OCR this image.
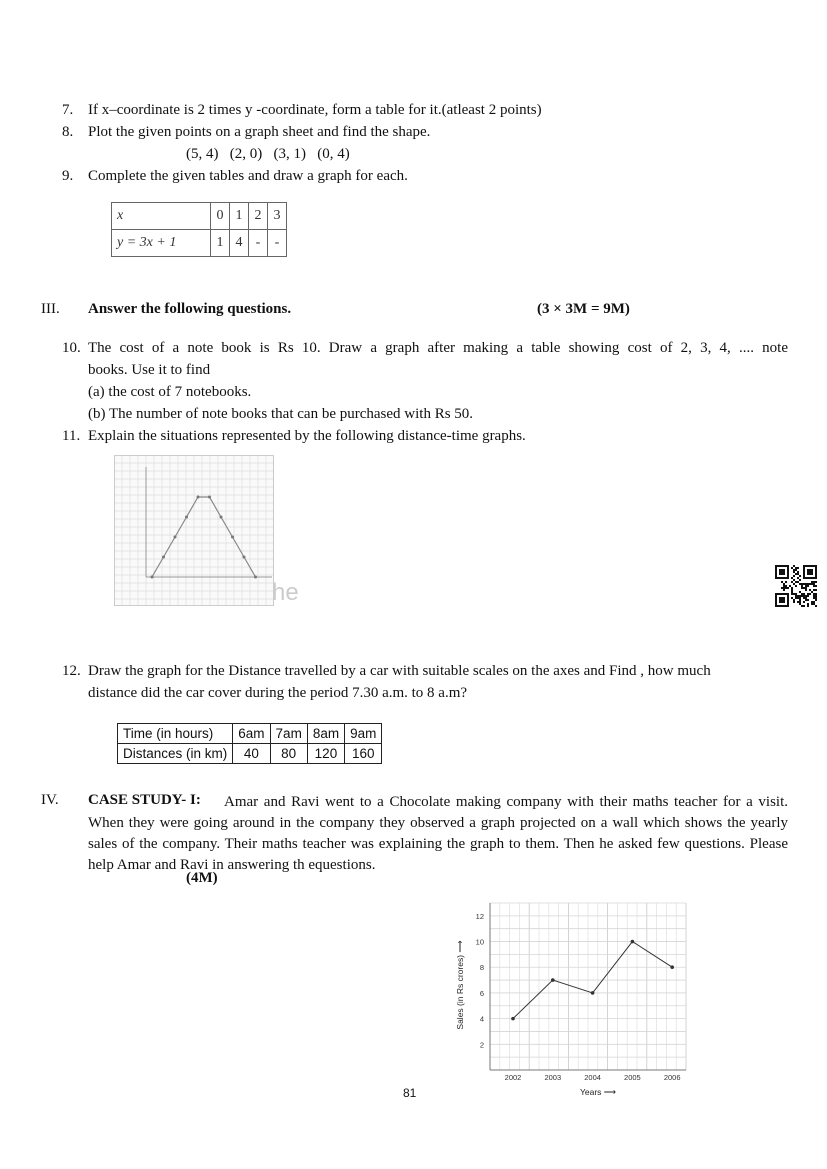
7. If x–coordinate is 2 times y -coordinate, form a table for it.(atleast 2 points)
8. Plot the given points on a graph sheet and find the shape.
(5, 4)   (2, 0)   (3, 1)   (0, 4)
9. Complete the given tables and draw a graph for each.
x	0	1	2	3
y = 3x + 1	1	4	-	-
III. Answer the following questions.	(3 × 3M = 9M)
10. The cost of a note book is Rs 10. Draw a graph after making a table showing cost of 2, 3, 4, .... note
books. Use it to find
(a) the cost of 7 notebooks.
(b) The number of note books that can be purchased with Rs 50.
11. Explain the situations represented by the following distance-time graphs.
he
12. Draw the graph for the Distance travelled by a car with suitable scales on the axes and Find , how much
distance did the car cover during the period 7.30 a.m. to 8 a.m?
Time (in hours)	6am	7am	8am	9am
Distances (in km)	40	80	120	160
IV.	Amar and Ravi went to a Chocolate making company with their maths teacher for a visit. When they were going around in the company they observed a graph projected on a wall which shows the yearly sales of the company. Their maths teacher was explaining the graph to them. Then he asked few questions. Please help Amar and Ravi in answering th equestions.
CASE STUDY- I:
(4M)
2
4
6
8
10
12
2002	2003	2004	2005	2006
Sales (in Rs crores) ⟶
Years ⟶
81
